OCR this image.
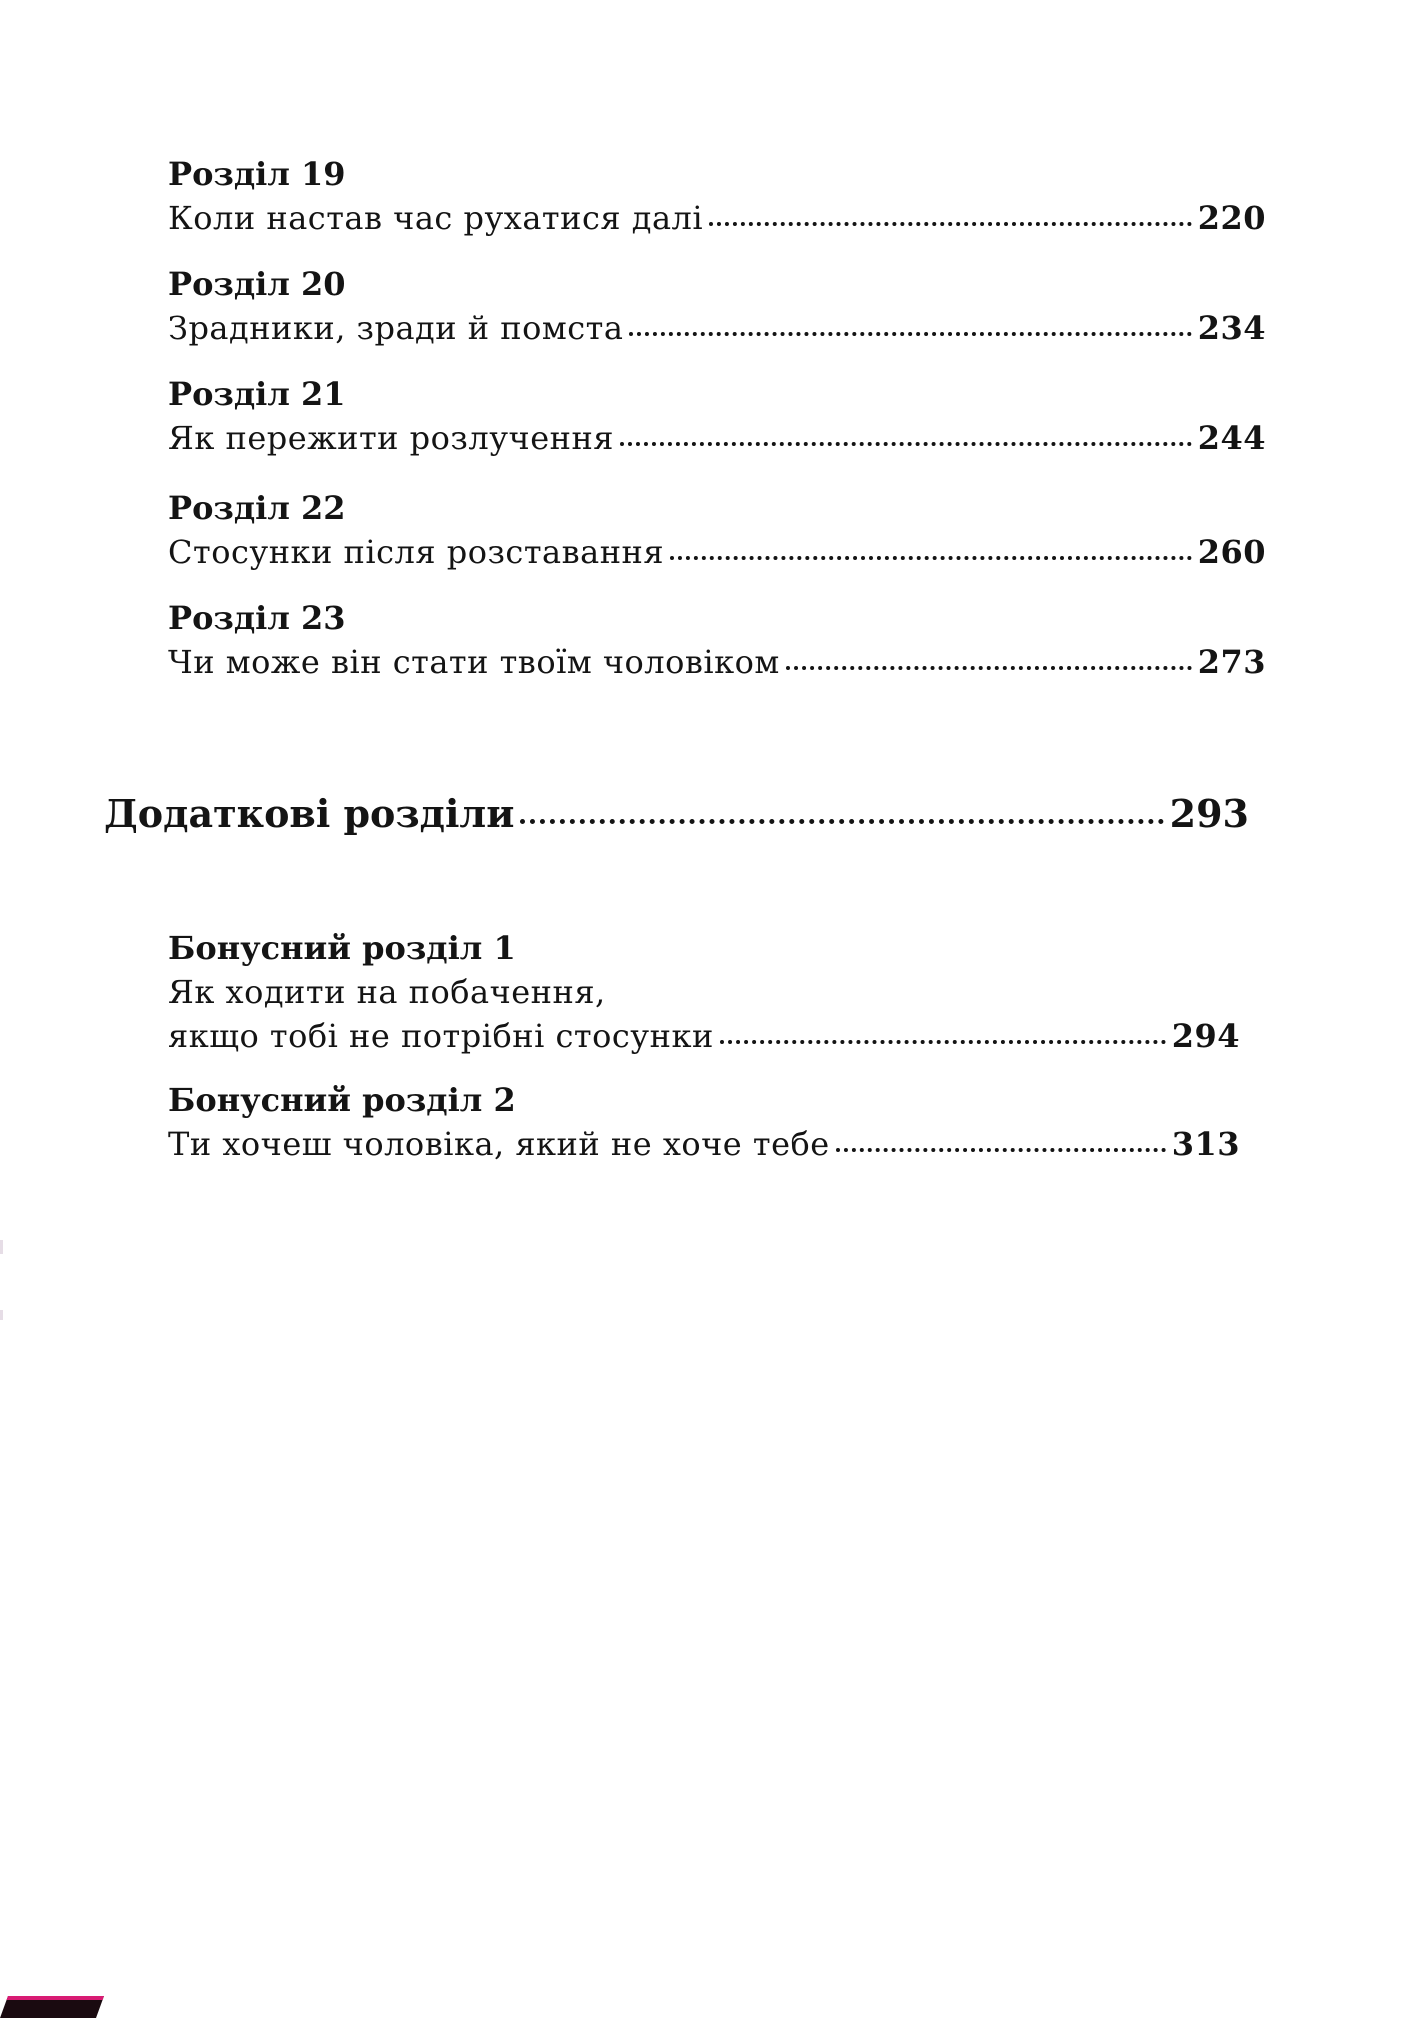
Розділ 19
Коли настав час рухатися далі	220
Розділ 20
Зрадники, зради й помста	234
Розділ 21
Як пережити розлучення	244
Розділ 22
Стосунки після розставання	260
Розділ 23
Чи може він стати твоїм чоловіком	273
Додаткові розділи	293
Бонусний розділ 1
Як ходити на побачення,
якщо тобі не потрібні стосунки	294
Бонусний розділ 2
Ти хочеш чоловіка, який не хоче тебе	313
